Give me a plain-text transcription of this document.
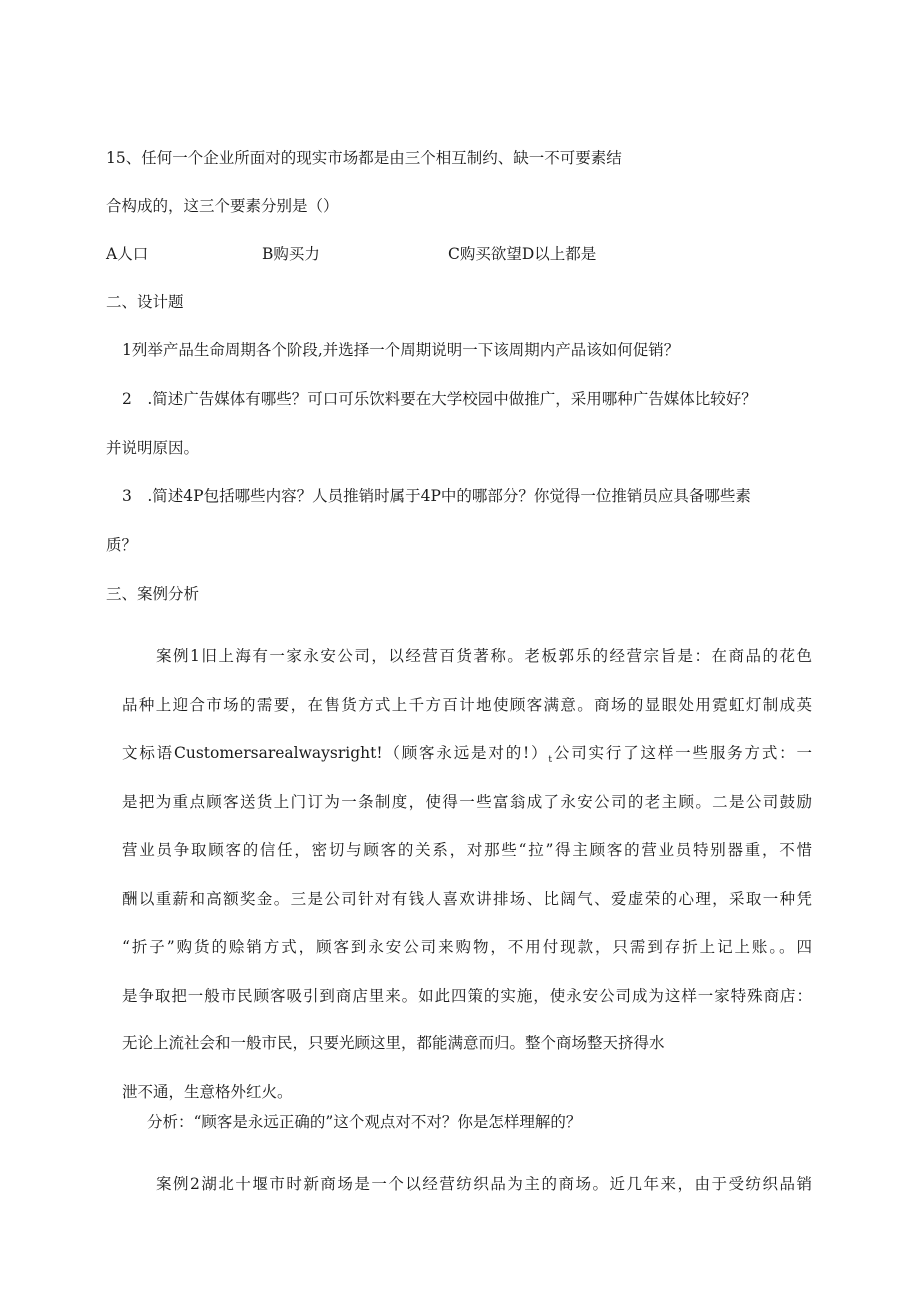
15、任何一个企业所面对的现实市场都是由三个相互制约、缺一不可要素结
合构成的，这三个要素分别是（）
A人口	B购买力	C购买欲望D以上都是
二、设计题
1列举产品生命周期各个阶段,并选择一个周期说明一下该周期内产品该如何促销？
2　.简述广告媒体有哪些？可口可乐饮料要在大学校园中做推广，采用哪种广告媒体比较好？
并说明原因。
3　.简述4P包括哪些内容？人员推销时属于4P中的哪部分？你觉得一位推销员应具备哪些素
质？
三、案例分析
案例1旧上海有一家永安公司，以经营百货著称。老板郭乐的经营宗旨是：在商品的花色
品种上迎合市场的需要，在售货方式上千方百计地使顾客满意。商场的显眼处用霓虹灯制成英
文标语Customersarealwaysright!（顾客永远是对的$!)_t$公司实行了这样一些服务方式：一
是把为重点顾客送货上门订为一条制度，使得一些富翁成了永安公司的老主顾。二是公司鼓励
营业员争取顾客的信任，密切与顾客的关系，对那些“拉”得主顾客的营业员特别器重，不惜
酬以重薪和高额奖金。三是公司针对有钱人喜欢讲排场、比阔气、爱虚荣的心理，采取一种凭
“折子”购货的赊销方式，顾客到永安公司来购物，不用付现款，只需到存折上记上账。。四
是争取把一般市民顾客吸引到商店里来。如此四策的实施，使永安公司成为这样一家特殊商店：
无论上流社会和一般市民，只要光顾这里，都能满意而归。整个商场整天挤得水
泄不通，生意格外红火。
分析：“顾客是永远正确的”这个观点对不对？你是怎样理解的？
案例2湖北十堰市时新商场是一个以经营纺织品为主的商场。近几年来，由于受纺织品销
